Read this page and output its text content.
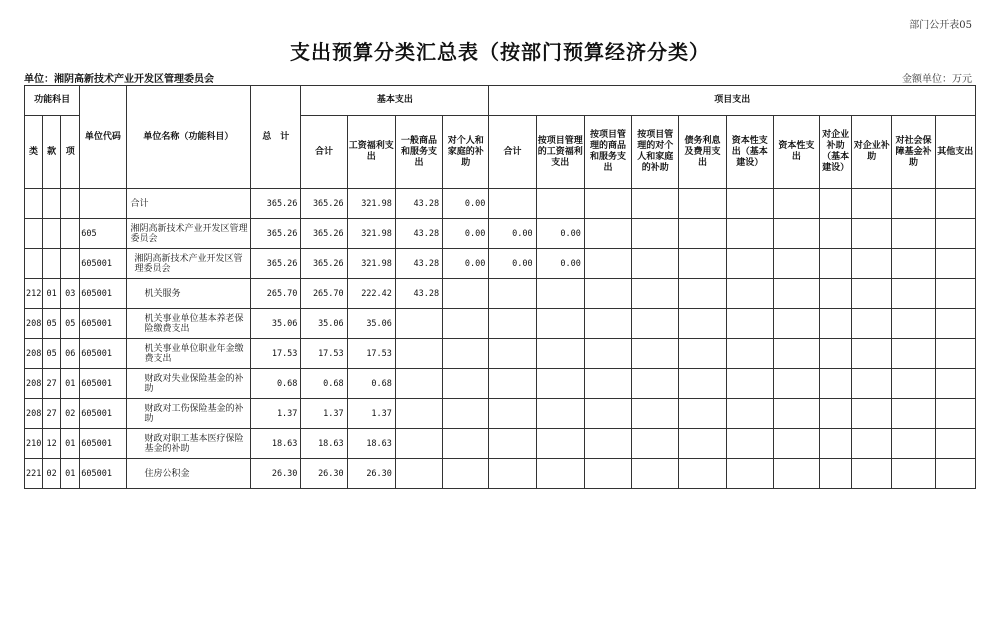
部门公开表05
支出预算分类汇总表（按部门预算经济分类）
单位：湘阴高新技术产业开发区管理委员会	金额单位：万元
功能科目			单位代码	单位名称（功能科目）	总　计	基本支出				项目支出										
类	款	项				合计	工资福利支出	一般商品和服务支出	对个人和家庭的补助	合计	按项目管理的工资福利支出	按项目管理的商品和服务支出	按项目管理的对个人和家庭的补助	债务利息及费用支出	资本性支出（基本建设）	资本性支出	对企业补助（基本建设）	对企业补助	对社会保障基金补助	其他支出
				合计	365.26	365.26	321.98	43.28	0.00											
			605	湘阴高新技术产业开发区管理委员会	365.26	365.26	321.98	43.28	0.00	0.00	0.00									
			605001	湘阴高新技术产业开发区管理委员会	365.26	365.26	321.98	43.28	0.00	0.00	0.00									
212	01	03	605001	机关服务	265.70	265.70	222.42	43.28												
208	05	05	605001	机关事业单位基本养老保险缴费支出	35.06	35.06	35.06													
208	05	06	605001	机关事业单位职业年金缴费支出	17.53	17.53	17.53													
208	27	01	605001	财政对失业保险基金的补助	0.68	0.68	0.68													
208	27	02	605001	财政对工伤保险基金的补助	1.37	1.37	1.37													
210	12	01	605001	财政对职工基本医疗保险基金的补助	18.63	18.63	18.63													
221	02	01	605001	住房公积金	26.30	26.30	26.30													
